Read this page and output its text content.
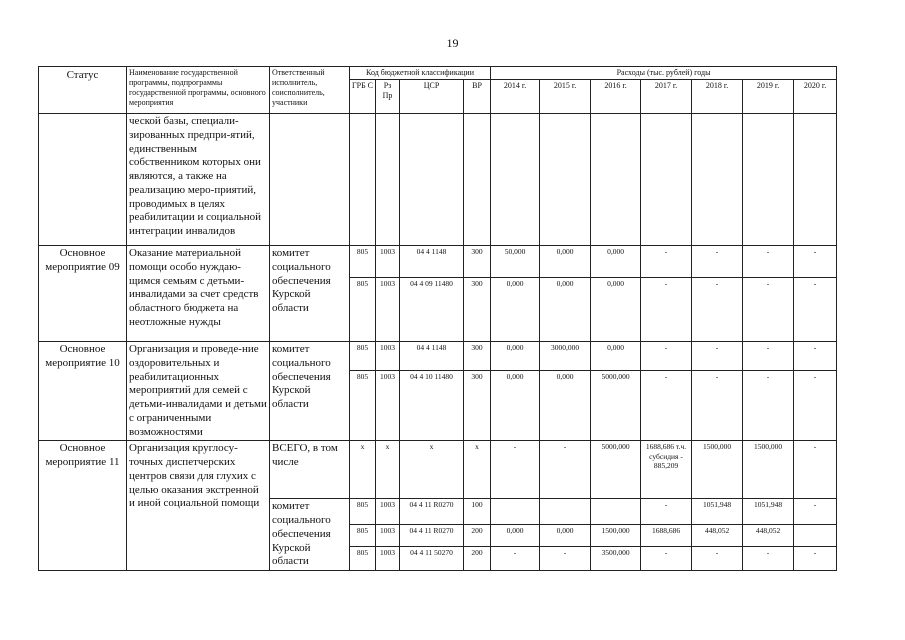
19
Статус	Наименование государственной программы, подпрограммы государственной программы, основного мероприятия	Ответственный исполнитель, соисполнитель, участники	Код бюджетной классификации				Расходы (тыс. рублей) годы						
			ГРБ С	Рз Пр	ЦСР	ВР	2014 г.	2015 г.	2016 г.	2017 г.	2018 г.	2019 г.	2020 г.
	ческой базы, специали-зированных предпри-ятий, единственным собственником которых они являются, а также на реализацию меро-приятий, проводимых в целях реабилитации и социальной интеграции инвалидов												
Основное мероприятие 09	Оказание материальной помощи особо нуждаю-щимся семьям с детьми-инвалидами за счет средств областного бюджета на неотложные нужды	комитет социального обеспечения Курской области	805	1003	04 4 1148	300	50,000	0,000	0,000	-	-	-	-
			805	1003	04 4 09 11480	300	0,000	0,000	0,000	-	-	-	-
Основное мероприятие 10	Организация и проведе-ние оздоровительных и реабилитационных мероприятий для семей с детьми-инвалидами и детьми с ограниченными возможностями	комитет социального обеспечения Курской области	805	1003	04 4 1148	300	0,000	3000,000	0,000	-	-	-	-
			805	1003	04 4 10 11480	300	0,000	0,000	5000,000	-	-	-	-
Основное мероприятие 11	Организация круглосу-точных диспетчерских центров связи для глухих с целью оказания экстренной и иной социальной помощи	ВСЕГО, в том числе	x	x	x	x	-	-	5000,000	1688,686 т.ч. субсидия - 885,209	1500,000	1500,000	-
		комитет социального обеспечения Курской области	805	1003	04 4 11 R0270	100				-	1051,948	1051,948	-
			805	1003	04 4 11 R0270	200	0,000	0,000	1500,000	1688,686	448,052	448,052	
			805	1003	04 4 11 50270	200	-	-	3500,000	-	-	-	-
